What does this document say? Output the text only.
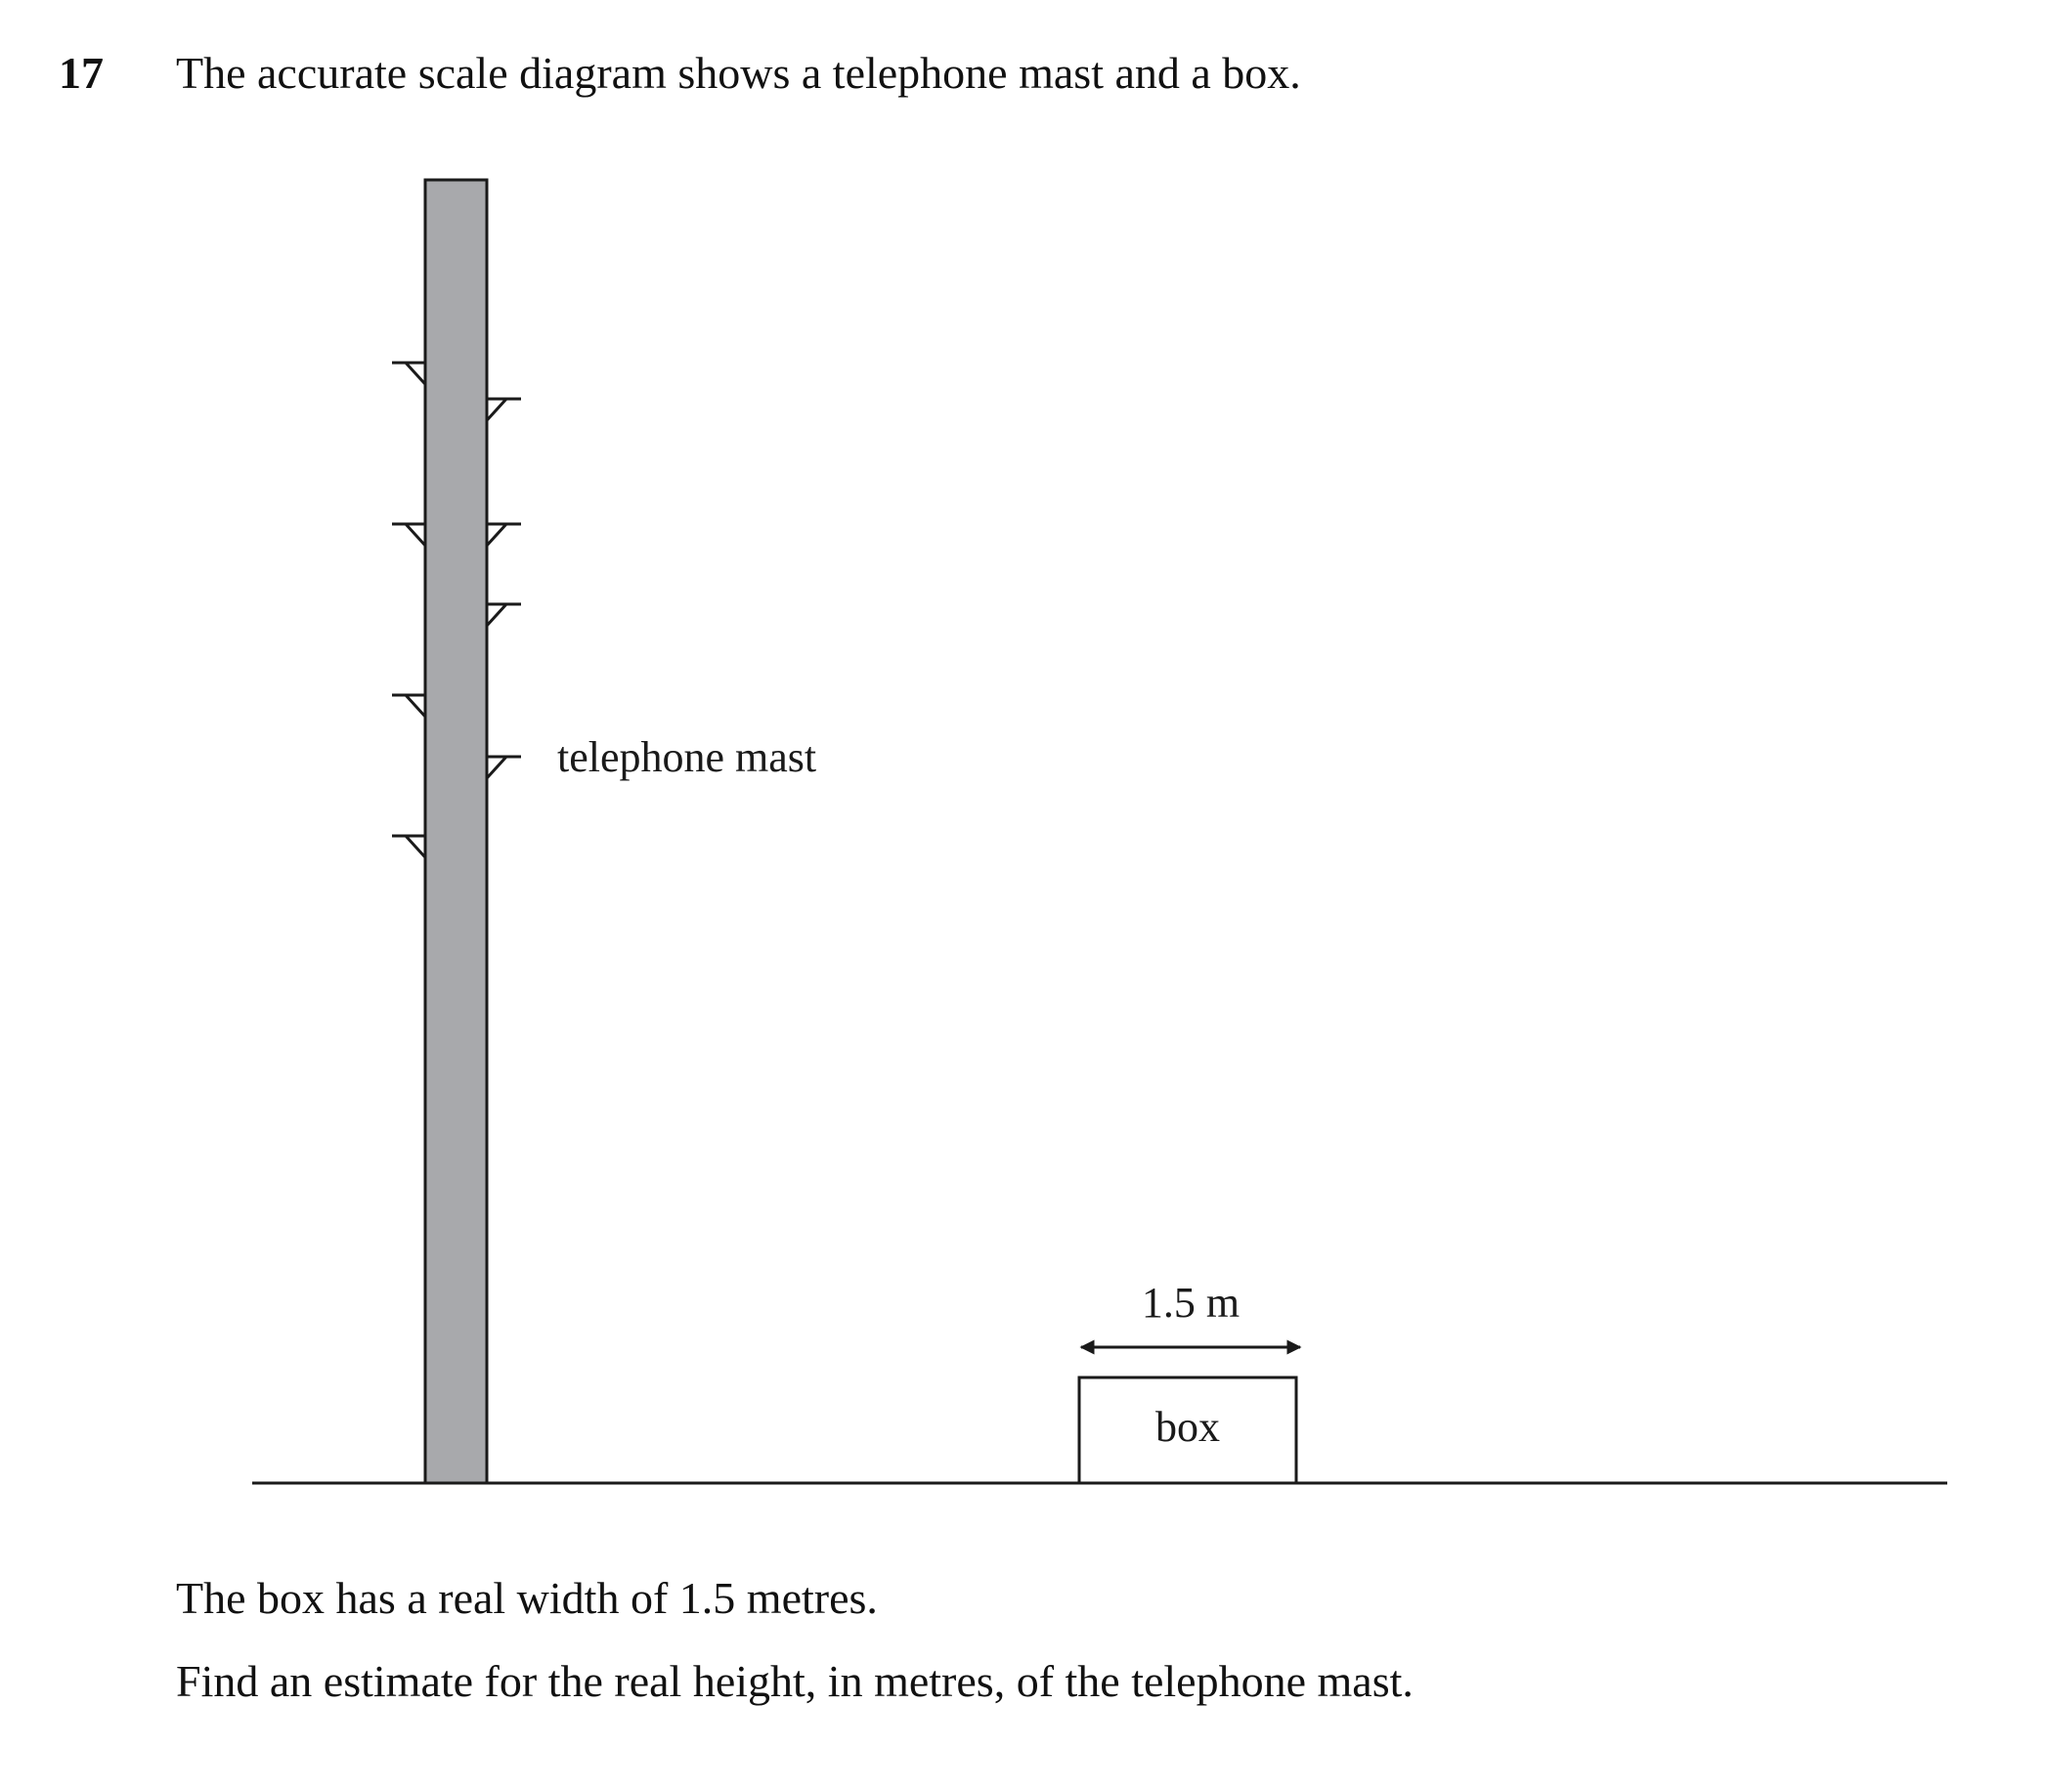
17 The accurate scale diagram shows a telephone mast and a box.
telephone mast
1.5 m
box
The box has a real width of 1.5 metres.
Find an estimate for the real height, in metres, of the telephone mast.
